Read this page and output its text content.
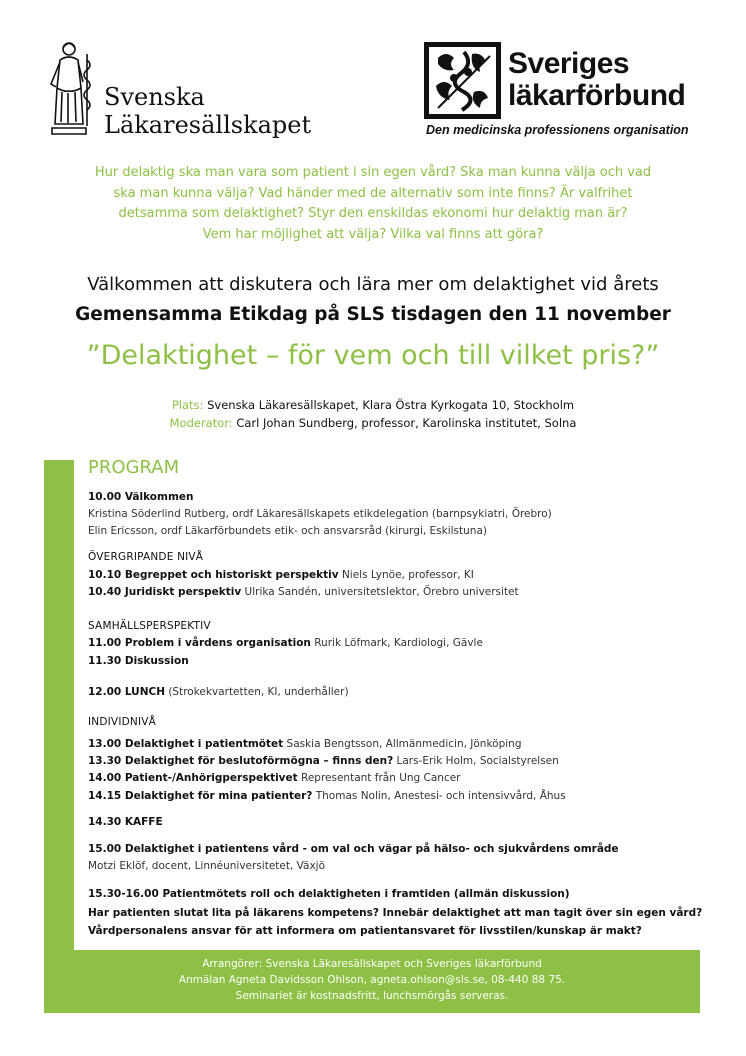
Svenska
Läkaresällskapet
Sveriges
läkarförbund
Den medicinska professionens organisation
Hur delaktig ska man vara som patient i sin egen vård? Ska man kunna välja och vad
ska man kunna välja? Vad händer med de alternativ som inte finns? Är valfrihet
detsamma som delaktighet? Styr den enskildas ekonomi hur delaktig man är?
Vem har möjlighet att välja? Vilka val finns att göra?
Välkommen att diskutera och lära mer om delaktighet vid årets
Gemensamma Etikdag på SLS tisdagen den 11 november
”Delaktighet – för vem och till vilket pris?”
Plats: Svenska Läkaresällskapet, Klara Östra Kyrkogata 10, Stockholm
Moderator: Carl Johan Sundberg, professor, Karolinska institutet, Solna
PROGRAM
10.00 Välkommen
Kristina Söderlind Rutberg, ordf Läkaresällskapets etikdelegation (barnpsykiatri, Örebro)
Elin Ericsson, ordf Läkarförbundets etik- och ansvarsråd (kirurgi, Eskilstuna)
ÖVERGRIPANDE NIVÅ
10.10 Begreppet och historiskt perspektiv Niels Lynöe, professor, KI
10.40 Juridiskt perspektiv Ulrika Sandén, universitetslektor, Örebro universitet
SAMHÄLLSPERSPEKTIV
11.00 Problem i vårdens organisation Rurik Löfmark, Kardiologi, Gävle
11.30 Diskussion
12.00 LUNCH (Strokekvartetten, KI, underhåller)
INDIVIDNIVÅ
13.00 Delaktighet i patientmötet Saskia Bengtsson, Allmänmedicin, Jönköping
13.30 Delaktighet för beslutoförmögna – finns den? Lars-Erik Holm, Socialstyrelsen
14.00 Patient-/Anhörigperspektivet Representant från Ung Cancer
14.15 Delaktighet för mina patienter? Thomas Nolin, Anestesi- och intensivvård, Åhus
14.30 KAFFE
15.00 Delaktighet i patientens vård - om val och vägar på hälso- och sjukvårdens område
Motzi Eklöf, docent, Linnéuniversitetet, Växjö
15.30-16.00 Patientmötets roll och delaktigheten i framtiden (allmän diskussion)
Har patienten slutat lita på läkarens kompetens? Innebär delaktighet att man tagit över sin egen vård?
Vårdpersonalens ansvar för att informera om patientansvaret för livsstilen/kunskap är makt?
Arrangörer: Svenska Läkaresällskapet och Sveriges läkarförbund
Anmälan Agneta Davidsson Ohlson, agneta.ohlson@sls.se, 08-440 88 75.
Seminariet är kostnadsfritt, lunchsmörgås serveras.
